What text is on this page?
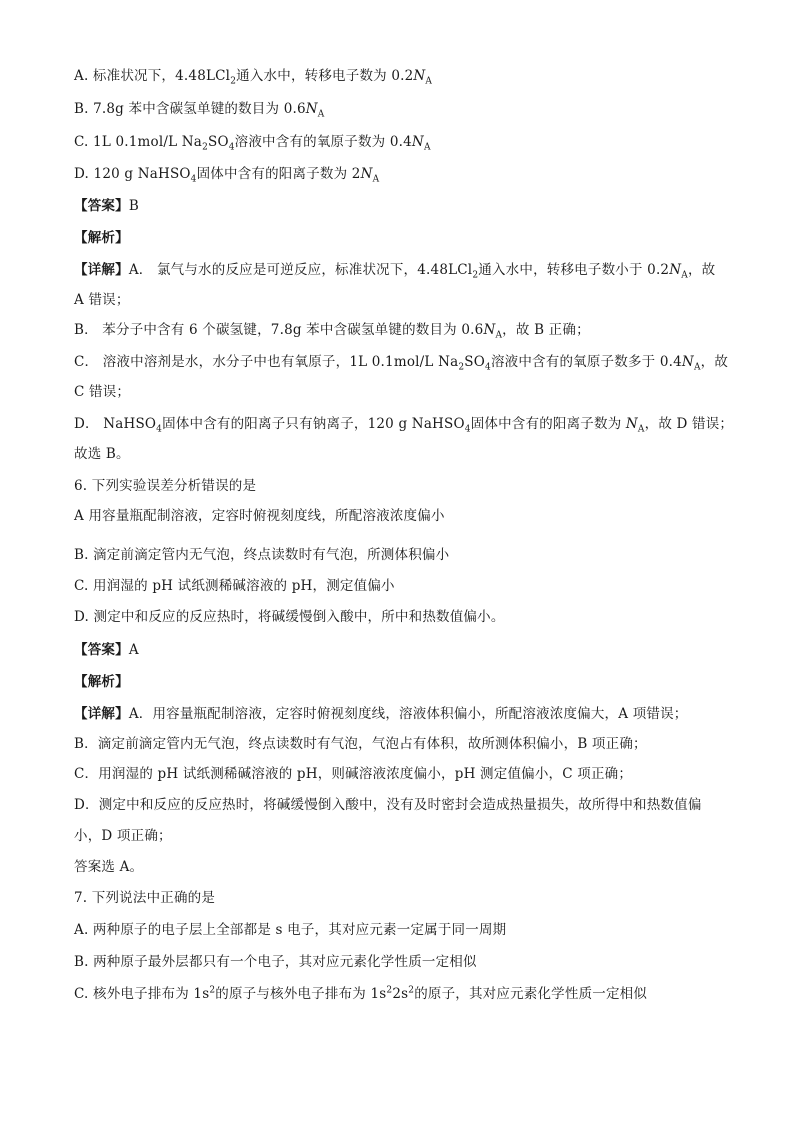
A. 标准状况下，4.48LCl$_2$通入水中，转移电子数为 $0.2N_A$
B. 7.8g 苯中含碳氢单键的数目为 $0.6N_A$
C. 1L 0.1mol/L $Na_2SO_4$溶液中含有的氧原子数为 $0.4N_A$
D. 120 g NaHSO$_4$固体中含有的阳离子数为 $2N_A$
【答案】B
【解析】
【详解】A． 氯气与水的反应是可逆反应，标准状况下，4.48LCl$_2$通入水中，转移电子数小于 $0.2N_A$，故
A 错误；
B． 苯分子中含有 6 个碳氢键，7.8g 苯中含碳氢单键的数目为 $0.6N_A$，故 B 正确；
C． 溶液中溶剂是水，水分子中也有氧原子，1L 0.1mol/L $Na_2SO_4$溶液中含有的氧原子数多于 $0.4N_A$，故
C 错误；
D． NaHSO$_4$固体中含有的阳离子只有钠离子，120 g NaHSO$_4$固体中含有的阳离子数为 $N_A$，故 D 错误；
故选 B。
6. 下列实验误差分析错误的是
A 用容量瓶配制溶液，定容时俯视刻度线，所配溶液浓度偏小
B. 滴定前滴定管内无气泡，终点读数时有气泡，所测体积偏小
C. 用润湿的 pH 试纸测稀碱溶液的 pH，测定值偏小
D. 测定中和反应的反应热时，将碱缓慢倒入酸中，所中和热数值偏小。
【答案】A
【解析】
【详解】A．用容量瓶配制溶液，定容时俯视刻度线，溶液体积偏小，所配溶液浓度偏大，A 项错误；
B．滴定前滴定管内无气泡，终点读数时有气泡，气泡占有体积，故所测体积偏小，B 项正确；
C．用润湿的 pH 试纸测稀碱溶液的 pH，则碱溶液浓度偏小，pH 测定值偏小，C 项正确；
D．测定中和反应的反应热时，将碱缓慢倒入酸中，没有及时密封会造成热量损失，故所得中和热数值偏
小，D 项正确；
答案选 A。
7. 下列说法中正确的是
A. 两种原子的电子层上全部都是 s 电子，其对应元素一定属于同一周期
B. 两种原子最外层都只有一个电子，其对应元素化学性质一定相似
C. 核外电子排布为 $1s^2$的原子与核外电子排布为 $1s^22s^2$的原子，其对应元素化学性质一定相似
